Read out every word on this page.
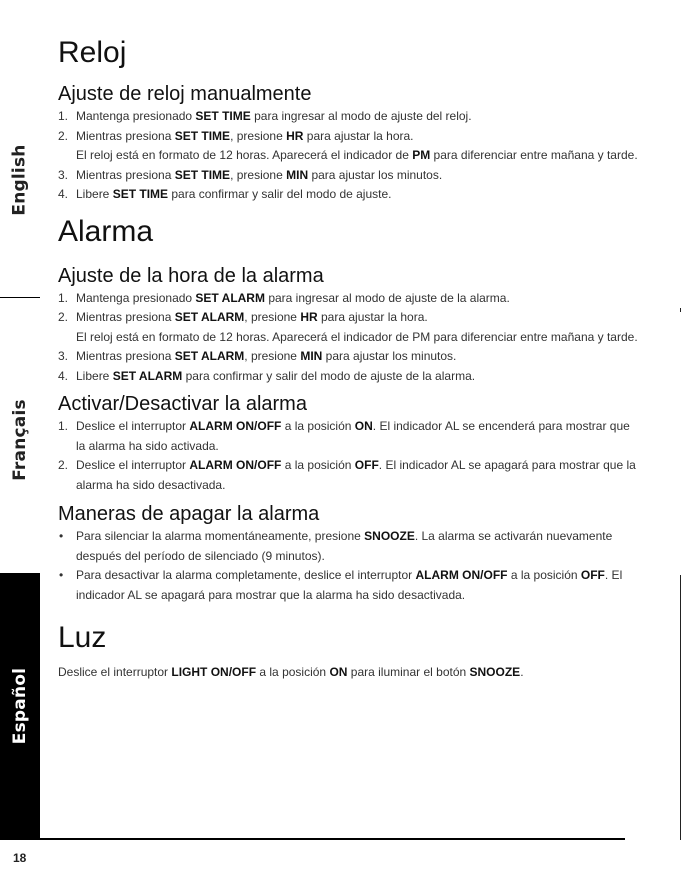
English
Français
Español
Reloj
Ajuste de reloj manualmente
1. Mantenga presionado SET TIME para ingresar al modo de ajuste del reloj.
2. Mientras presiona SET TIME, presione HR para ajustar la hora.
El reloj está en formato de 12 horas. Aparecerá el indicador de PM para diferenciar entre mañana y tarde.
3. Mientras presiona SET TIME, presione MIN para ajustar los minutos.
4. Libere SET TIME para confirmar y salir del modo de ajuste.
Alarma
Ajuste de la hora de la alarma
1. Mantenga presionado SET ALARM para ingresar al modo de ajuste de la alarma.
2. Mientras presiona SET ALARM, presione HR para ajustar la hora.
El reloj está en formato de 12 horas. Aparecerá el indicador de PM para diferenciar entre mañana y tarde.
3. Mientras presiona SET ALARM, presione MIN para ajustar los minutos.
4. Libere SET ALARM para confirmar y salir del modo de ajuste de la alarma.
Activar/Desactivar la alarma
1. Deslice el interruptor ALARM ON/OFF a la posición ON. El indicador AL se encenderá para mostrar que la alarma ha sido activada.
2. Deslice el interruptor ALARM ON/OFF a la posición OFF. El indicador AL se apagará para mostrar que la alarma ha sido desactivada.
Maneras de apagar la alarma
• Para silenciar la alarma momentáneamente, presione SNOOZE. La alarma se activarán nuevamente después del período de silenciado (9 minutos).
• Para desactivar la alarma completamente, deslice el interruptor ALARM ON/OFF a la posición OFF. El indicador AL se apagará para mostrar que la alarma ha sido desactivada.
Luz

Deslice el interruptor LIGHT ON/OFF a la posición ON para iluminar el botón SNOOZE.

18
